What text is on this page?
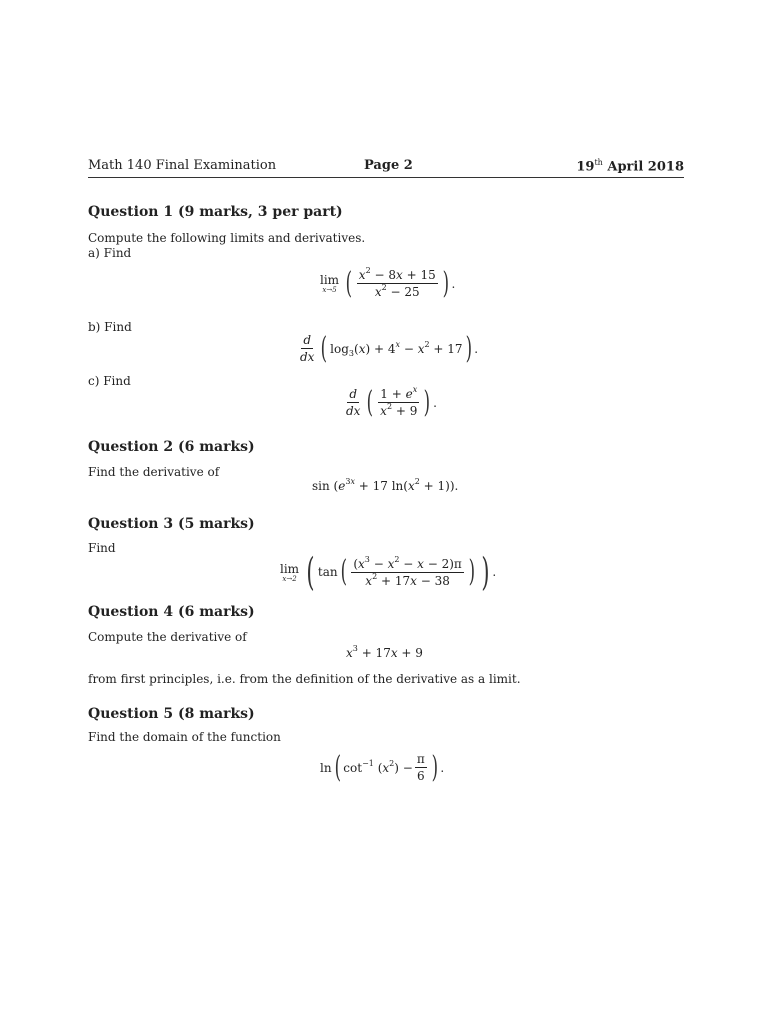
Math 140 Final Examination	Page 2	19th April 2018
Question 1 (9 marks, 3 per part)
Compute the following limits and derivatives.
a) Find
lim
x→5 ( $\frac{x^2 - 8x + 15}{x^2 - 25}$ ) .
b) Find
$\frac{d}{dx}$ ( $\log_3(x) + 4^x - x^2 + 17$ ) .
c) Find
$\frac{d}{dx}$ ( $\frac{1 + e^x}{x^2 + 9}$ ) .
Question 2 (6 marks)
Find the derivative of
$\sin (e^{3x} + 17$ $\ln(x^2 + 1)$).
Question 3 (5 marks)
Find
lim
x→2 ( tan ( $\frac{(x^3 - x^2 - x - 2)\pi}{x^2 + 17x - 38}$ ) ) .
Question 4 (6 marks)
Compute the derivative of
$x^3 + 17x + 9$
from first principles, i.e. from the definition of the derivative as a limit.
Question 5 (8 marks)
Find the domain of the function
ln ( $\cot^{-1} (x^2) - \frac{\pi}{6}$ ) .
